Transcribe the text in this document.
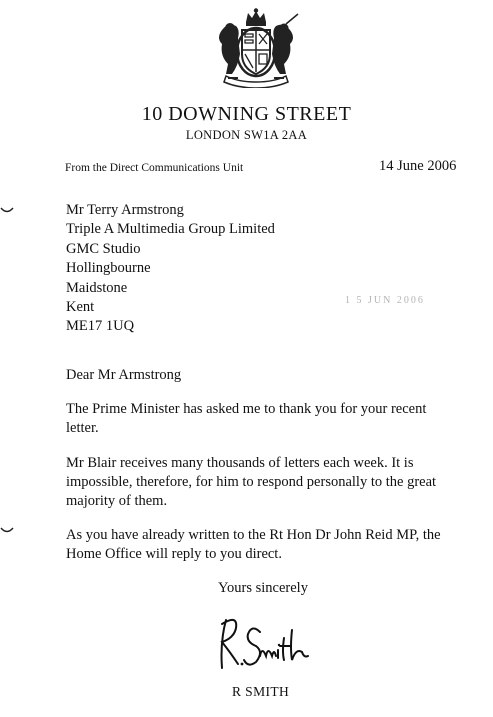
10 DOWNING STREET
LONDON SW1A 2AA
From the Direct Communications Unit	14 June 2006
Mr Terry Armstrong
Triple A Multimedia Group Limited
GMC Studio
Hollingbourne
Maidstone
Kent
ME17 1UQ
1 5 JUN 2006
Dear Mr Armstrong
The Prime Minister has asked me to thank you for your recent letter.
Mr Blair receives many thousands of letters each week. It is impossible, therefore, for him to respond personally to the great majority of them.
As you have already written to the Rt Hon Dr John Reid MP, the Home Office will reply to you direct.
Yours sincerely
R SMITH
